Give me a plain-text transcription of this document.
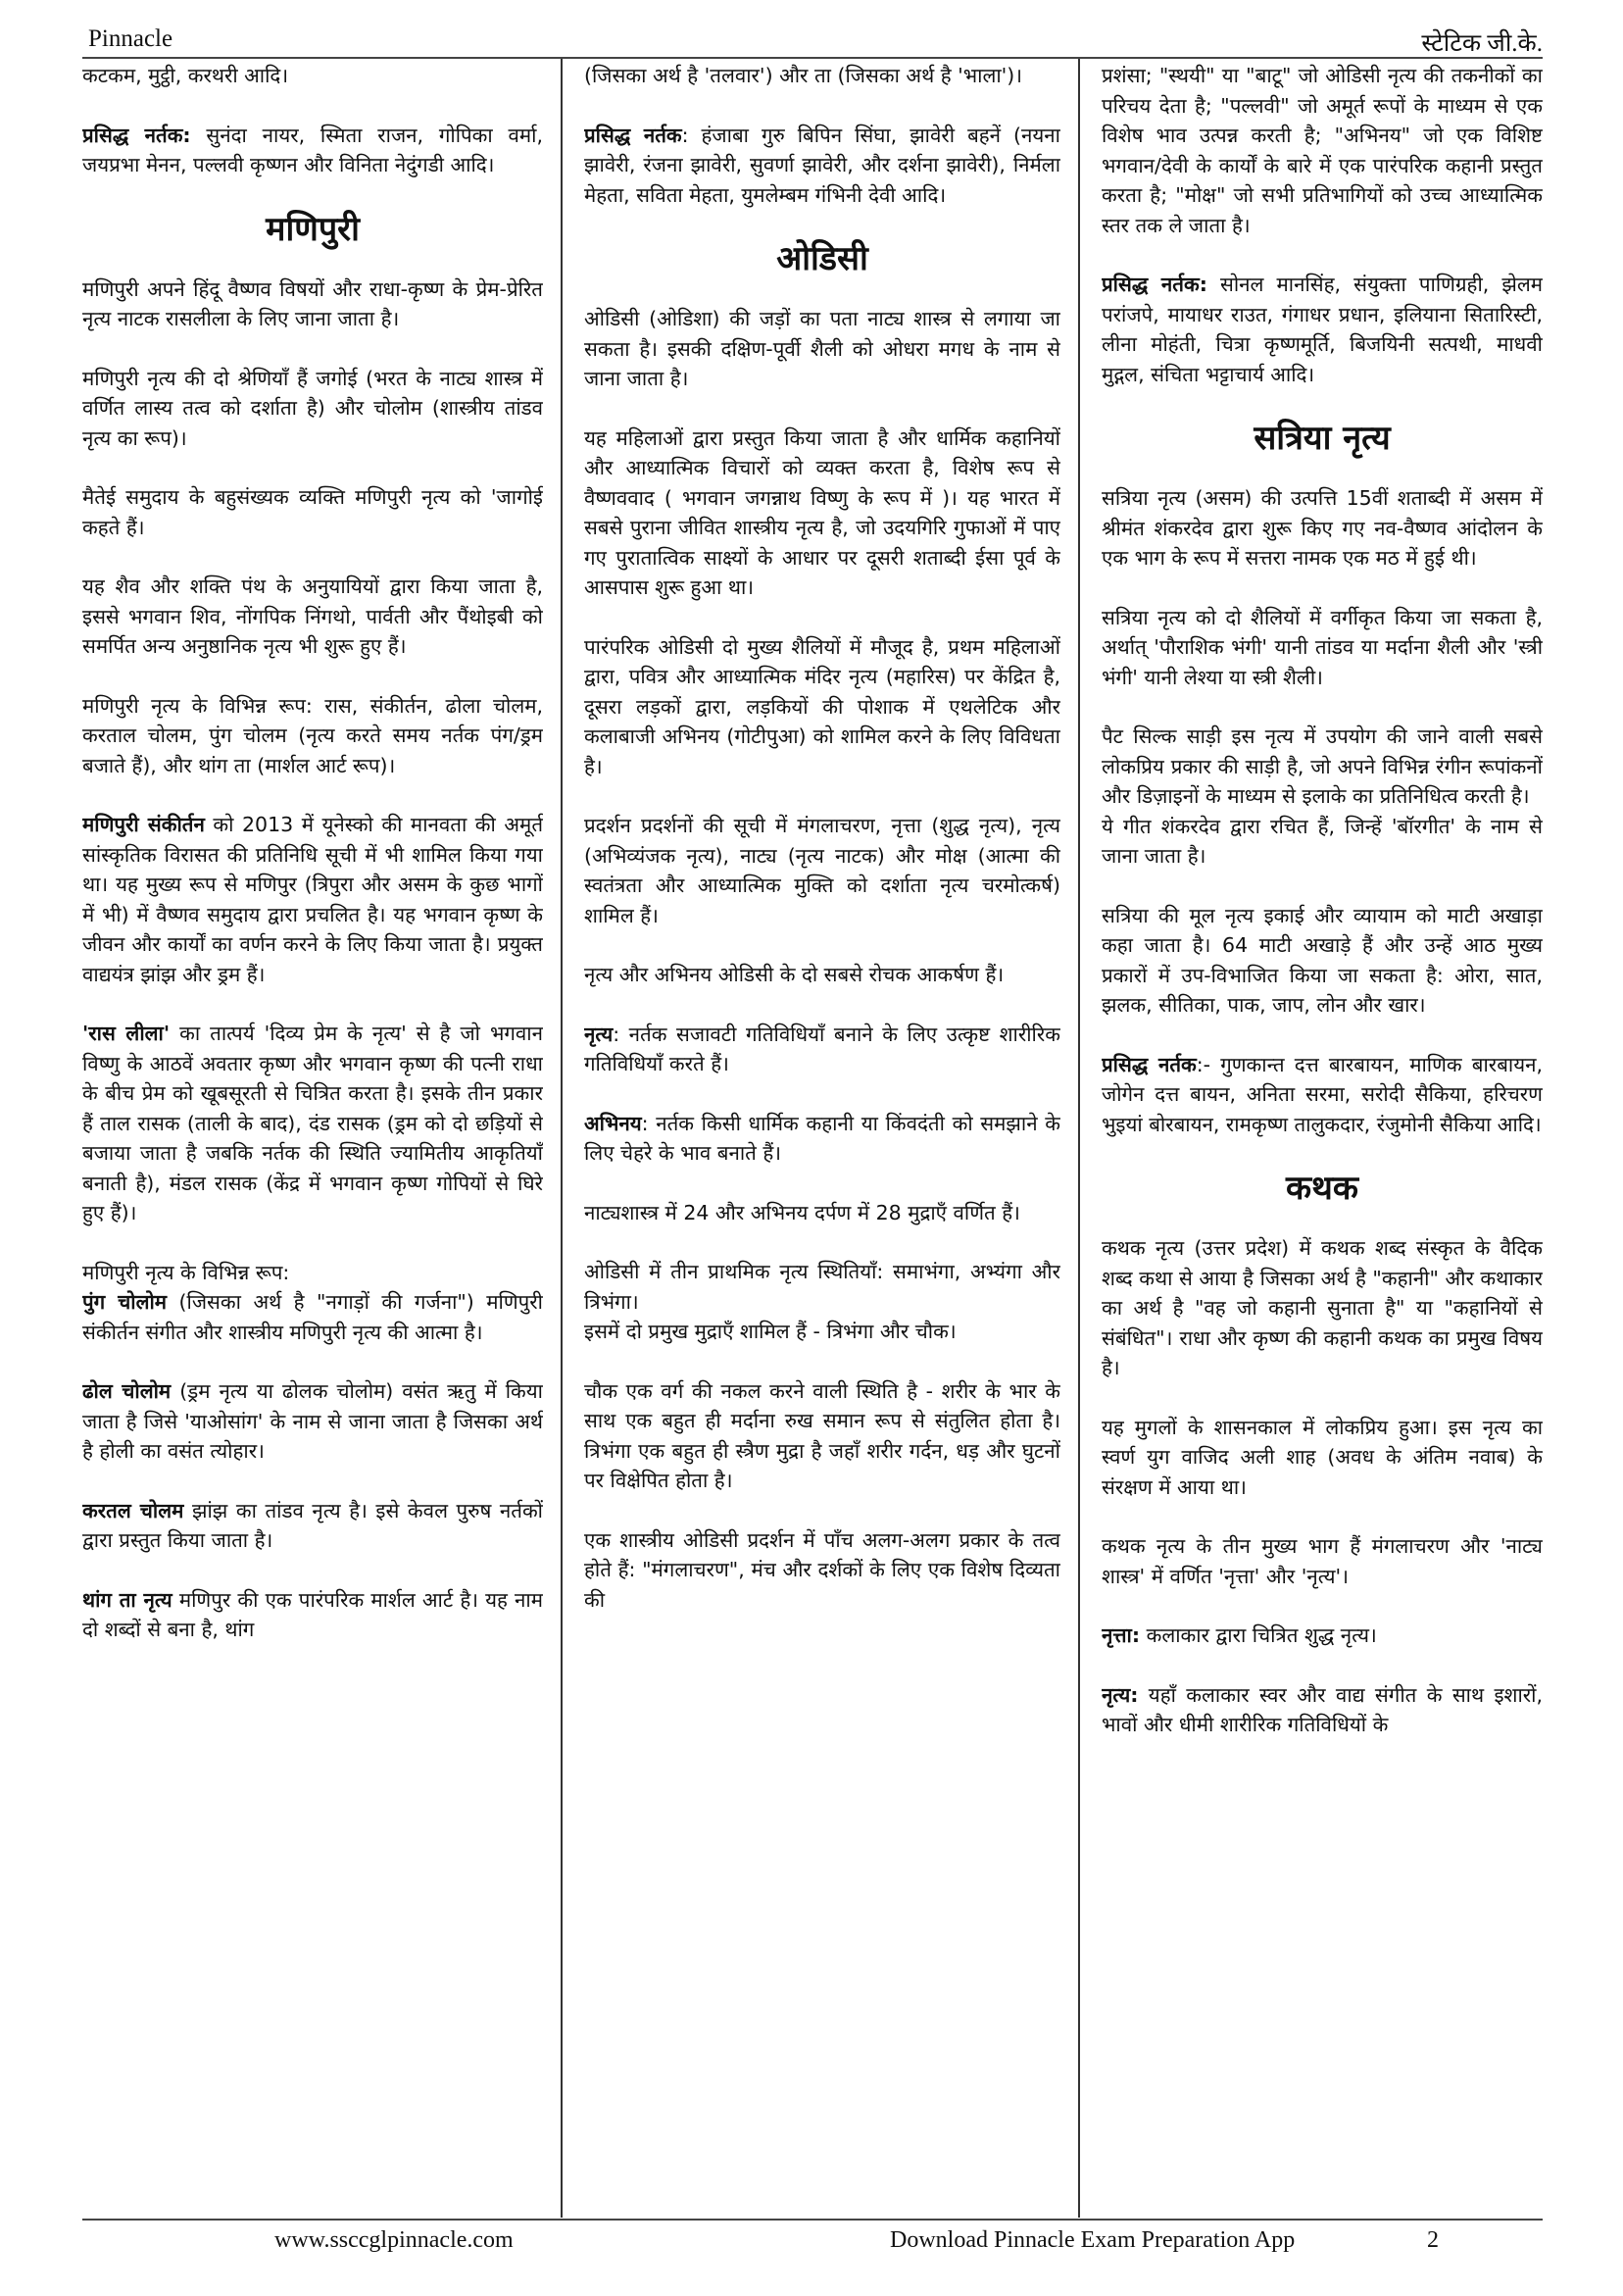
Pinnacle	स्टेटिक जी.के.

कटकम, मुट्ठी, करथरी आदि।

प्रसिद्ध नर्तक: सुनंदा नायर, स्मिता राजन, गोपिका वर्मा, जयप्रभा मेनन, पल्लवी कृष्णन और विनिता नेदुंगडी आदि।

मणिपुरी

मणिपुरी अपने हिंदू वैष्णव विषयों और राधा-कृष्ण के प्रेम-प्रेरित नृत्य नाटक रासलीला के लिए जाना जाता है।

मणिपुरी नृत्य की दो श्रेणियाँ हैं जगोई (भरत के नाट्य शास्त्र में वर्णित लास्य तत्व को दर्शाता है) और चोलोम (शास्त्रीय तांडव नृत्य का रूप)।

मैतेई समुदाय के बहुसंख्यक व्यक्ति मणिपुरी नृत्य को 'जागोई कहते हैं।

यह शैव और शक्ति पंथ के अनुयायियों द्वारा किया जाता है, इससे भगवान शिव, नोंगपिक निंगथो, पार्वती और पैंथोइबी को समर्पित अन्य अनुष्ठानिक नृत्य भी शुरू हुए हैं।

मणिपुरी नृत्य के विभिन्न रूप: रास, संकीर्तन, ढोला चोलम, करताल चोलम, पुंग चोलम (नृत्य करते समय नर्तक पंग/ड्रम बजाते हैं), और थांग ता (मार्शल आर्ट रूप)।

मणिपुरी संकीर्तन को 2013 में यूनेस्को की मानवता की अमूर्त सांस्कृतिक विरासत की प्रतिनिधि सूची में भी शामिल किया गया था। यह मुख्य रूप से मणिपुर (त्रिपुरा और असम के कुछ भागों में भी) में वैष्णव समुदाय द्वारा प्रचलित है। यह भगवान कृष्ण के जीवन और कार्यों का वर्णन करने के लिए किया जाता है। प्रयुक्त वाद्ययंत्र झांझ और ड्रम हैं।

'रास लीला' का तात्पर्य 'दिव्य प्रेम के नृत्य' से है जो भगवान विष्णु के आठवें अवतार कृष्ण और भगवान कृष्ण की पत्नी राधा के बीच प्रेम को खूबसूरती से चित्रित करता है। इसके तीन प्रकार हैं ताल रासक (ताली के बाद), दंड रासक (ड्रम को दो छड़ियों से बजाया जाता है जबकि नर्तक की स्थिति ज्यामितीय आकृतियाँ बनाती है), मंडल रासक (केंद्र में भगवान कृष्ण गोपियों से घिरे हुए हैं)।

मणिपुरी नृत्य के विभिन्न रूप:

पुंग चोलोम (जिसका अर्थ है "नगाड़ों की गर्जना") मणिपुरी संकीर्तन संगीत और शास्त्रीय मणिपुरी नृत्य की आत्मा है।

ढोल चोलोम (ड्रम नृत्य या ढोलक चोलोम) वसंत ऋतु में किया जाता है जिसे 'याओसांग' के नाम से जाना जाता है जिसका अर्थ है होली का वसंत त्योहार।

करतल चोलम झांझ का तांडव नृत्य है। इसे केवल पुरुष नर्तकों द्वारा प्रस्तुत किया जाता है।

थांग ता नृत्य मणिपुर की एक पारंपरिक मार्शल आर्ट है। यह नाम दो शब्दों से बना है, थांग

(जिसका अर्थ है 'तलवार') और ता (जिसका अर्थ है 'भाला')।

प्रसिद्ध नर्तक: हंजाबा गुरु बिपिन सिंघा, झावेरी बहनें (नयना झावेरी, रंजना झावेरी, सुवर्णा झावेरी, और दर्शना झावेरी), निर्मला मेहता, सविता मेहता, युमलेम्बम गंभिनी देवी आदि।

ओडिसी

ओडिसी (ओडिशा) की जड़ों का पता नाट्य शास्त्र से लगाया जा सकता है। इसकी दक्षिण-पूर्वी शैली को ओधरा मगध के नाम से जाना जाता है।

यह महिलाओं द्वारा प्रस्तुत किया जाता है और धार्मिक कहानियों और आध्यात्मिक विचारों को व्यक्त करता है, विशेष रूप से वैष्णववाद ( भगवान जगन्नाथ विष्णु के रूप में )। यह भारत में सबसे पुराना जीवित शास्त्रीय नृत्य है, जो उदयगिरि गुफाओं में पाए गए पुरातात्विक साक्ष्यों के आधार पर दूसरी शताब्दी ईसा पूर्व के आसपास शुरू हुआ था।

पारंपरिक ओडिसी दो मुख्य शैलियों में मौजूद है, प्रथम महिलाओं द्वारा, पवित्र और आध्यात्मिक मंदिर नृत्य (महारिस) पर केंद्रित है, दूसरा लड़कों द्वारा, लड़कियों की पोशाक में एथलेटिक और कलाबाजी अभिनय (गोटीपुआ) को शामिल करने के लिए विविधता है।

प्रदर्शन प्रदर्शनों की सूची में मंगलाचरण, नृत्ता (शुद्ध नृत्य), नृत्य (अभिव्यंजक नृत्य), नाट्य (नृत्य नाटक) और मोक्ष (आत्मा की स्वतंत्रता और आध्यात्मिक मुक्ति को दर्शाता नृत्य चरमोत्कर्ष) शामिल हैं।

नृत्य और अभिनय ओडिसी के दो सबसे रोचक आकर्षण हैं।

नृत्य: नर्तक सजावटी गतिविधियाँ बनाने के लिए उत्कृष्ट शारीरिक गतिविधियाँ करते हैं।

अभिनय: नर्तक किसी धार्मिक कहानी या किंवदंती को समझाने के लिए चेहरे के भाव बनाते हैं।

नाट्यशास्त्र में 24 और अभिनय दर्पण में 28 मुद्राएँ वर्णित हैं।

ओडिसी में तीन प्राथमिक नृत्य स्थितियाँ: समाभंगा, अभ्यंगा और त्रिभंगा।

इसमें दो प्रमुख मुद्राएँ शामिल हैं - त्रिभंगा और चौक।

चौक एक वर्ग की नकल करने वाली स्थिति है - शरीर के भार के साथ एक बहुत ही मर्दाना रुख समान रूप से संतुलित होता है। त्रिभंगा एक बहुत ही स्त्रैण मुद्रा है जहाँ शरीर गर्दन, धड़ और घुटनों पर विक्षेपित होता है।

एक शास्त्रीय ओडिसी प्रदर्शन में पाँच अलग-अलग प्रकार के तत्व होते हैं: "मंगलाचरण", मंच और दर्शकों के लिए एक विशेष दिव्यता की

प्रशंसा; "स्थयी" या "बाटू" जो ओडिसी नृत्य की तकनीकों का परिचय देता है; "पल्लवी" जो अमूर्त रूपों के माध्यम से एक विशेष भाव उत्पन्न करती है; "अभिनय" जो एक विशिष्ट भगवान/देवी के कार्यों के बारे में एक पारंपरिक कहानी प्रस्तुत करता है; "मोक्ष" जो सभी प्रतिभागियों को उच्च आध्यात्मिक स्तर तक ले जाता है।

प्रसिद्ध नर्तक: सोनल मानसिंह, संयुक्ता पाणिग्रही, झेलम परांजपे, मायाधर राउत, गंगाधर प्रधान, इलियाना सितारिस्टी, लीना मोहंती, चित्रा कृष्णमूर्ति, बिजयिनी सत्पथी, माधवी मुद्गल, संचिता भट्टाचार्य आदि।

सत्रिया नृत्य

सत्रिया नृत्य (असम) की उत्पत्ति 15वीं शताब्दी में असम में श्रीमंत शंकरदेव द्वारा शुरू किए गए नव-वैष्णव आंदोलन के एक भाग के रूप में सत्तरा नामक एक मठ में हुई थी।

सत्रिया नृत्य को दो शैलियों में वर्गीकृत किया जा सकता है, अर्थात् 'पौराशिक भंगी' यानी तांडव या मर्दाना शैली और 'स्त्री भंगी' यानी लेश्या या स्त्री शैली।

पैट सिल्क साड़ी इस नृत्य में उपयोग की जाने वाली सबसे लोकप्रिय प्रकार की साड़ी है, जो अपने विभिन्न रंगीन रूपांकनों और डिज़ाइनों के माध्यम से इलाके का प्रतिनिधित्व करती है।

ये गीत शंकरदेव द्वारा रचित हैं, जिन्हें 'बॉरगीत' के नाम से जाना जाता है।

सत्रिया की मूल नृत्य इकाई और व्यायाम को माटी अखाड़ा कहा जाता है। 64 माटी अखाड़े हैं और उन्हें आठ मुख्य प्रकारों में उप-विभाजित किया जा सकता है: ओरा, सात, झलक, सीतिका, पाक, जाप, लोन और खार।

प्रसिद्ध नर्तक:- गुणकान्त दत्त बारबायन, माणिक बारबायन, जोगेन दत्त बायन, अनिता सरमा, सरोदी सैकिया, हरिचरण भुइयां बोरबायन, रामकृष्ण तालुकदार, रंजुमोनी सैकिया आदि।

कथक

कथक नृत्य (उत्तर प्रदेश) में कथक शब्द संस्कृत के वैदिक शब्द कथा से आया है जिसका अर्थ है "कहानी" और कथाकार का अर्थ है "वह जो कहानी सुनाता है" या "कहानियों से संबंधित"। राधा और कृष्ण की कहानी कथक का प्रमुख विषय है।

यह मुगलों के शासनकाल में लोकप्रिय हुआ। इस नृत्य का स्वर्ण युग वाजिद अली शाह (अवध के अंतिम नवाब) के संरक्षण में आया था।

कथक नृत्य के तीन मुख्य भाग हैं मंगलाचरण और 'नाट्य शास्त्र' में वर्णित 'नृत्ता' और 'नृत्य'।

नृत्ता: कलाकार द्वारा चित्रित शुद्ध नृत्य।

नृत्य: यहाँ कलाकार स्वर और वाद्य संगीत के साथ इशारों, भावों और धीमी शारीरिक गतिविधियों के

www.ssccglpinnacle.com	Download Pinnacle Exam Preparation App	2
